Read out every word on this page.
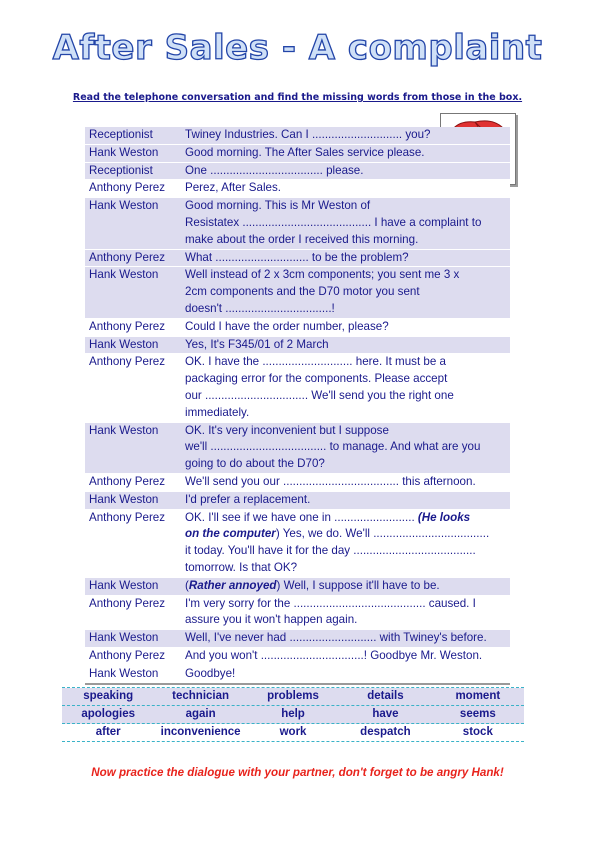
After Sales - A complaint
Read the telephone conversation and find the missing words from those in the box.
Receptionist	Twiney Industries. Can I ............................ you?

Hank Weston	Good morning. The After Sales service please.

Receptionist	One ................................... please.

Anthony Perez	Perez, After Sales.

Hank Weston	Good morning. This is Mr Weston of
Resistatex ........................................ I have a complaint to
make about the order I received this morning.

Anthony Perez	What ............................. to be the problem?

Hank Weston	Well instead of 2 x 3cm components; you sent me 3 x
2cm components and the D70 motor you sent
doesn't .................................!

Anthony Perez	Could I have the order number, please?

Hank Weston	Yes, It's F345/01 of 2 March

Anthony Perez	OK. I have the ............................ here. It must be a
packaging error for the components. Please accept
our ................................ We'll send you the right one
immediately.

Hank Weston	OK. It's very inconvenient but I suppose
we'll .................................... to manage. And what are you
going to do about the D70?

Anthony Perez	We'll send you our .................................... this afternoon.

Hank Weston	I'd prefer a replacement.

Anthony Perez	OK. I'll see if we have one in ......................... (He looks
on the computer) Yes, we do. We'll ....................................
it today. You'll have it for the day ......................................
tomorrow. Is that OK?

Hank Weston	(Rather annoyed) Well, I suppose it'll have to be.

Anthony Perez	I'm very sorry for the ......................................... caused. I
assure you it won't happen again.

Hank Weston	Well, I've never had ........................... with Twiney's before.

Anthony Perez	And you won't ................................! Goodbye Mr. Weston.

Hank Weston	Goodbye!
speaking	technician	problems	details	moment
apologies	again	help	have	seems
after	inconvenience	work	despatch	stock
Now practice the dialogue with your partner, don't forget to be angry Hank!
